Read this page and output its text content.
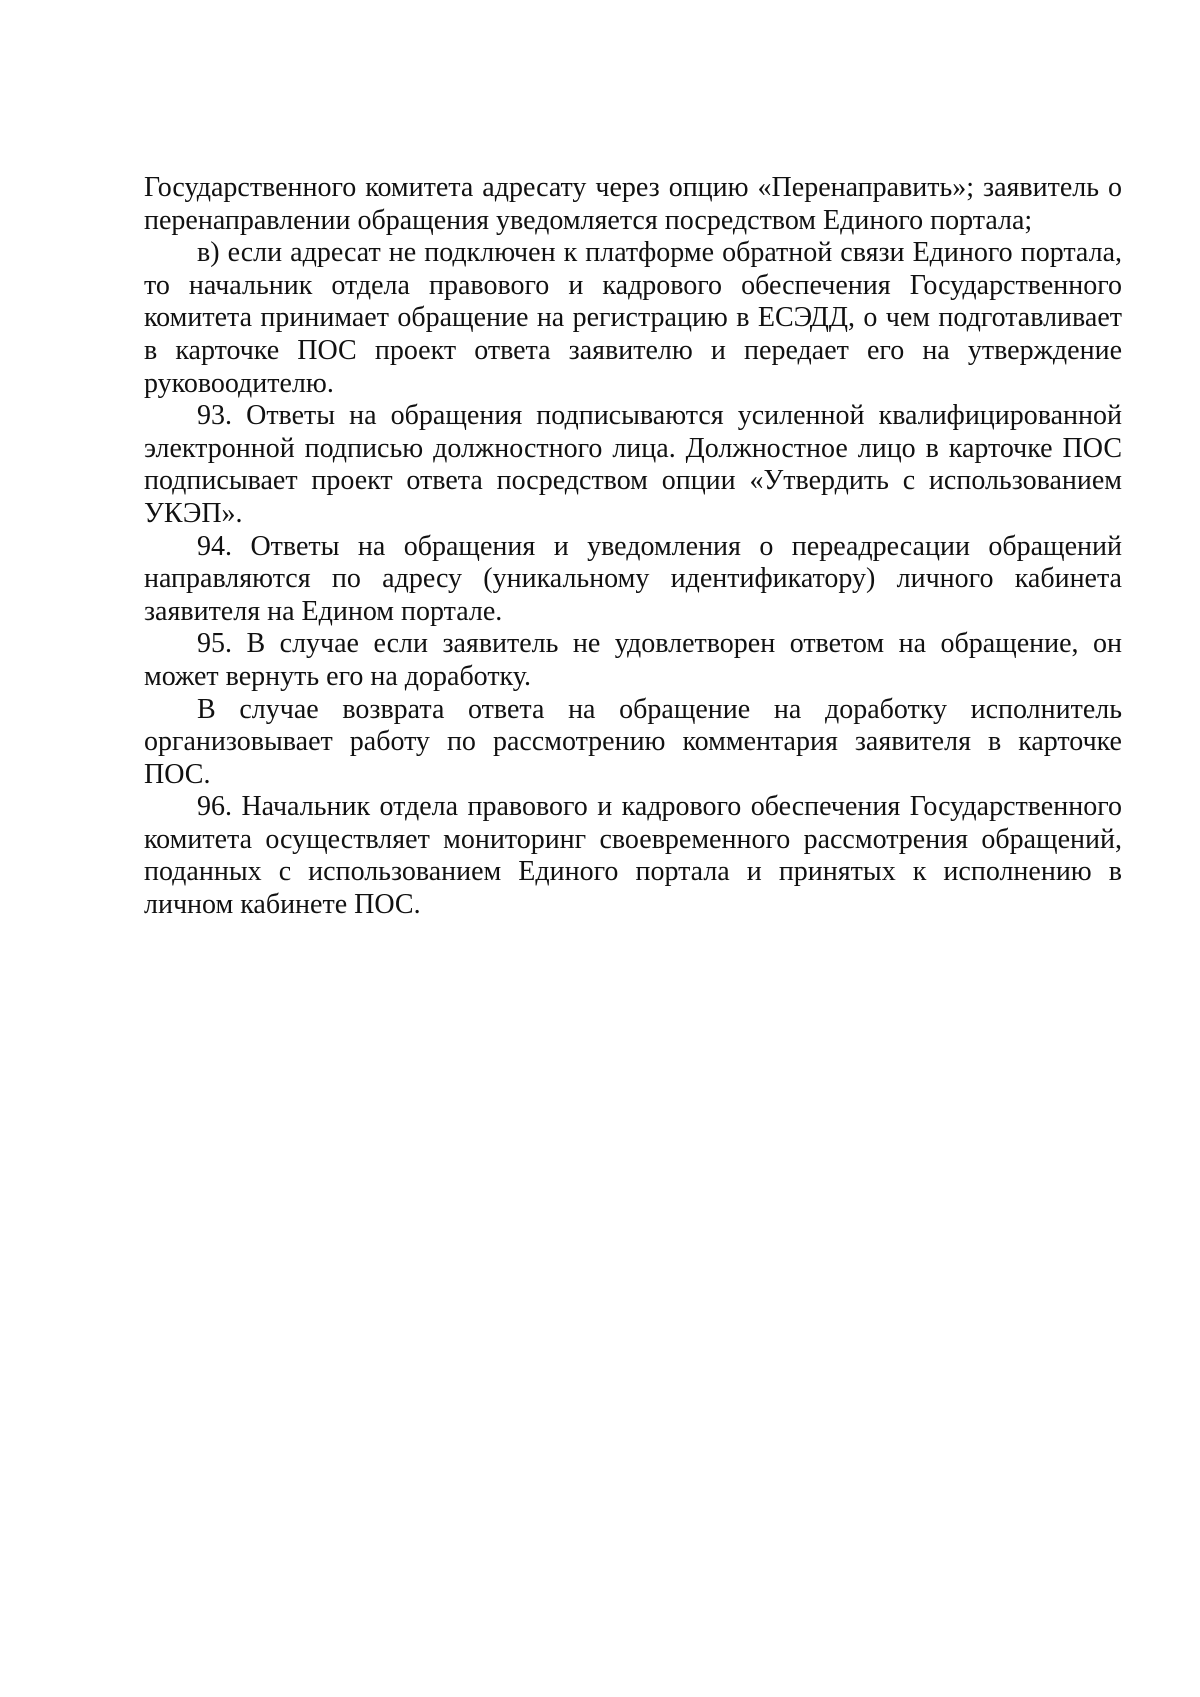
Государственного комитета адресату через опцию «Перенаправить»; заявитель о перенаправлении обращения уведомляется посредством Единого портала;

в) если адресат не подключен к платформе обратной связи Единого портала, то начальник отдела правового и кадрового обеспечения Государственного комитета принимает обращение на регистрацию в ЕСЭДД, о чем подготавливает в карточке ПОС проект ответа заявителю и передает его на утверждение руковоодителю.

93. Ответы на обращения подписываются усиленной квалифицированной электронной подписью должностного лица. Должностное лицо в карточке ПОС подписывает проект ответа посредством опции «Утвердить с использованием УКЭП».

94. Ответы на обращения и уведомления о переадресации обращений направляются по адресу (уникальному идентификатору) личного кабинета заявителя на Едином портале.

95. В случае если заявитель не удовлетворен ответом на обращение, он может вернуть его на доработку.

В случае возврата ответа на обращение на доработку исполнитель организовывает работу по рассмотрению комментария заявителя в карточке ПОС.

96. Начальник отдела правового и кадрового обеспечения Государственного комитета осуществляет мониторинг своевременного рассмотрения обращений, поданных с использованием Единого портала и принятых к исполнению в личном кабинете ПОС.
